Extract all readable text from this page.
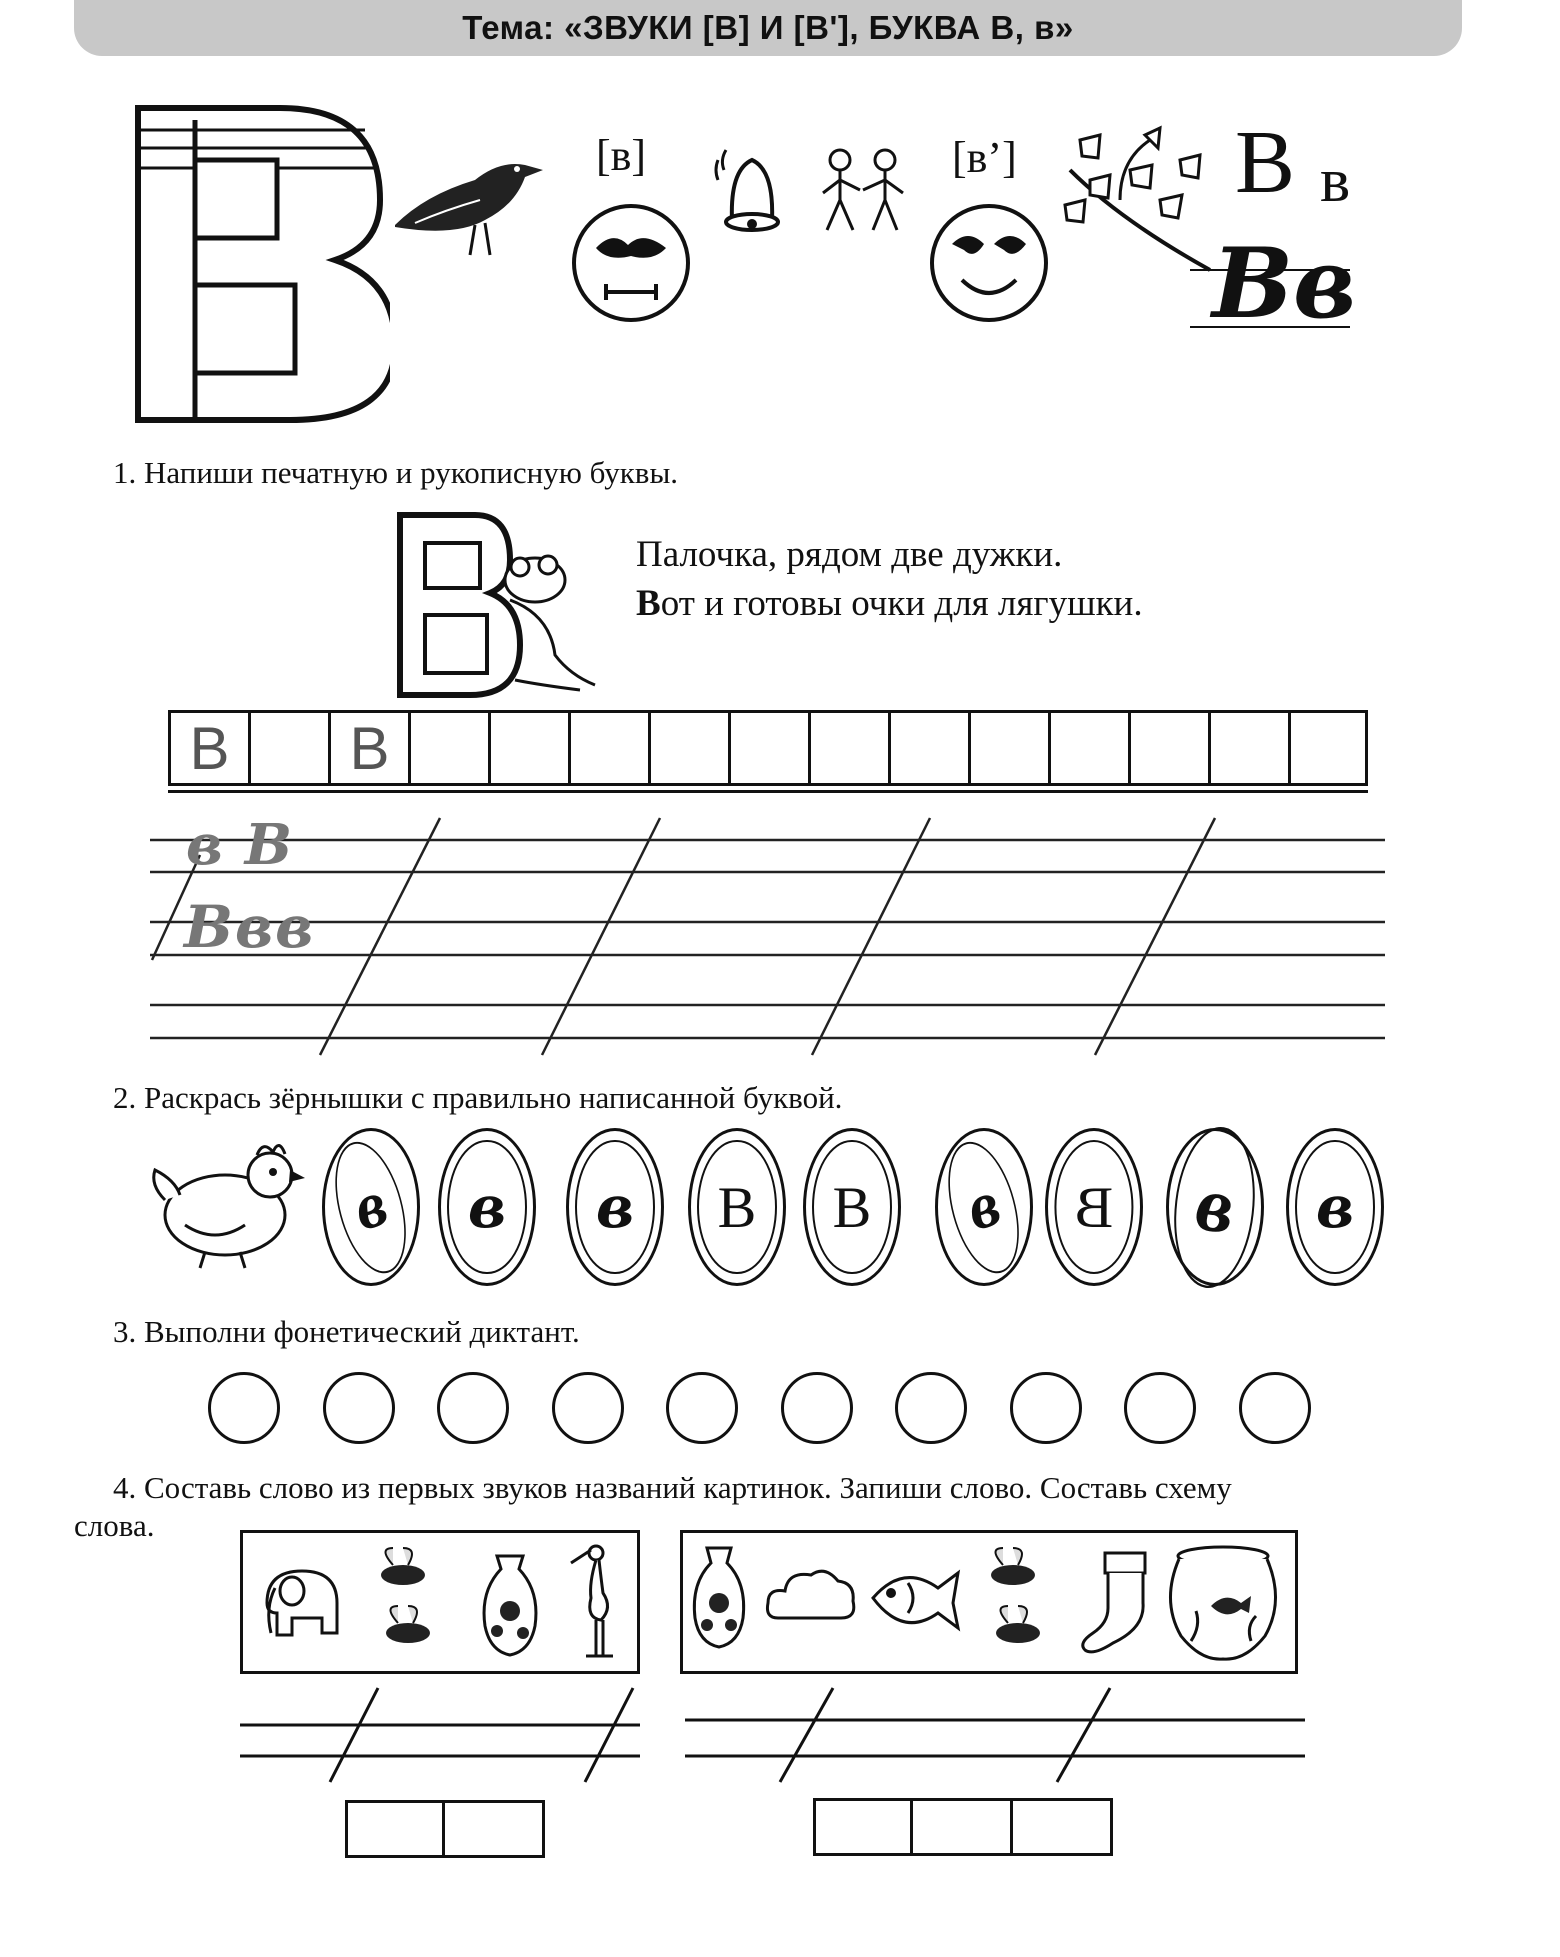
Тема: «ЗВУКИ [В] И [В'], БУКВА В, в»
[в]	[в’] В в
Вв
1. Напиши печатную и рукописную буквы.
Палочка, рядом две дужки.
Вот и готовы очки для лягушки.
В	В
вВ
Ввв
2. Раскрась зёрнышки с правильно написанной буквой.
в	в	в	В	В	в	В	в	в
3. Выполни фонетический диктант.
4. Составь слово из первых звуков названий картинок. Запиши слово. Составь схему
слова.
